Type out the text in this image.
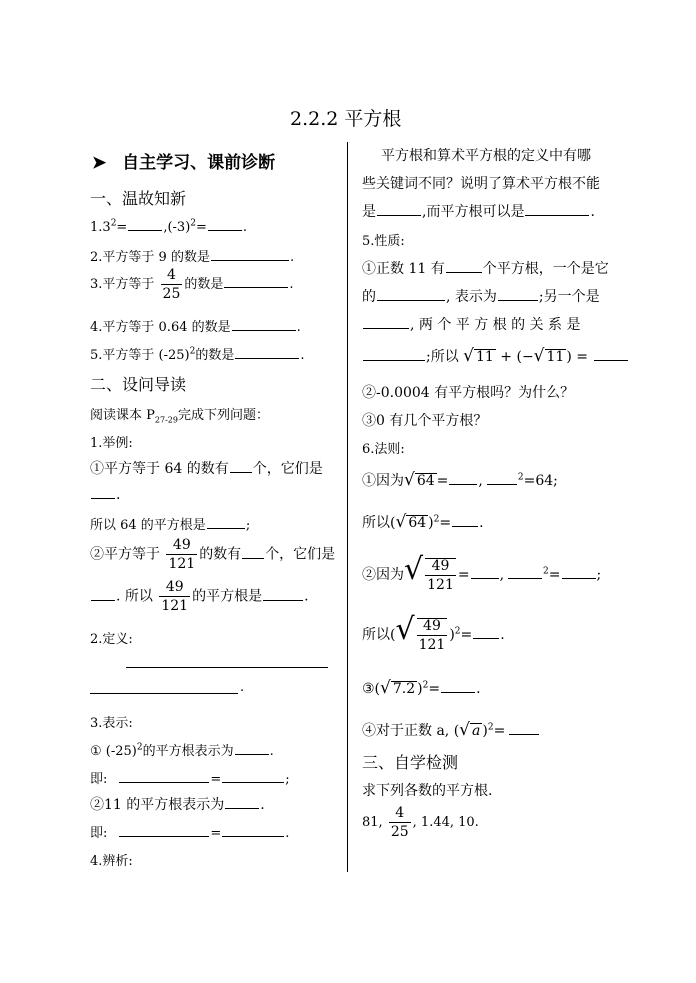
2.2.2 平方根
➤ 自主学习、课前诊断
一、温故知新
$1.3^2=$	$,(-3)^2=$	.
2.平方等于 9 的数是	.
3.平方等于 $\frac{4}{25}$ 的数是	.
4.平方等于 0.64 的数是	.
5.平方等于 $(-25)^2$的数是	.
二、设问导读
阅读课本 $P_{27-29}$完成下列问题：
1.举例:
①平方等于 64 的数有 个，它们是
.
所以 64 的平方根是	;
②平方等于 $\frac{49}{121}$ 的数有 个，它们是
. 所以 $\frac{49}{121}$ 的平方根是	.
2.定义:
.
3.表示:
① $(-25)^2$的平方根表示为	.
即:	=	;
②11 的平方根表示为	.
即:	=	.
4.辨析:
平方根和算术平方根的定义中有哪
些关键词不同？说明了算术平方根不能
是	,而平方根可以是	.
5.性质:
①正数 11 有	个平方根，一个是它
的	, 表示为	;另一个是
, 两 个 平 方 根 的 关 系 是
;所以 √ 11 + (−√ 11 ) =
②-0.0004 有平方根吗？为什么？
③0 有几个平方根？
6.法则:
①因为√ 64 = ,	$^2$=64;
所以(√ 64 )$^2$= .
②因为√ $\frac{49}{121}$ = ,	$^2$=	;
所以(√ $\frac{49}{121} )^2=$ .
③(√ 7.2 )$^2$=	.
④对于正数 a, (√ a )$^2$=
三、自学检测
求下列各数的平方根.
81, $\frac{4}{25}$ , 1.44, 10.
